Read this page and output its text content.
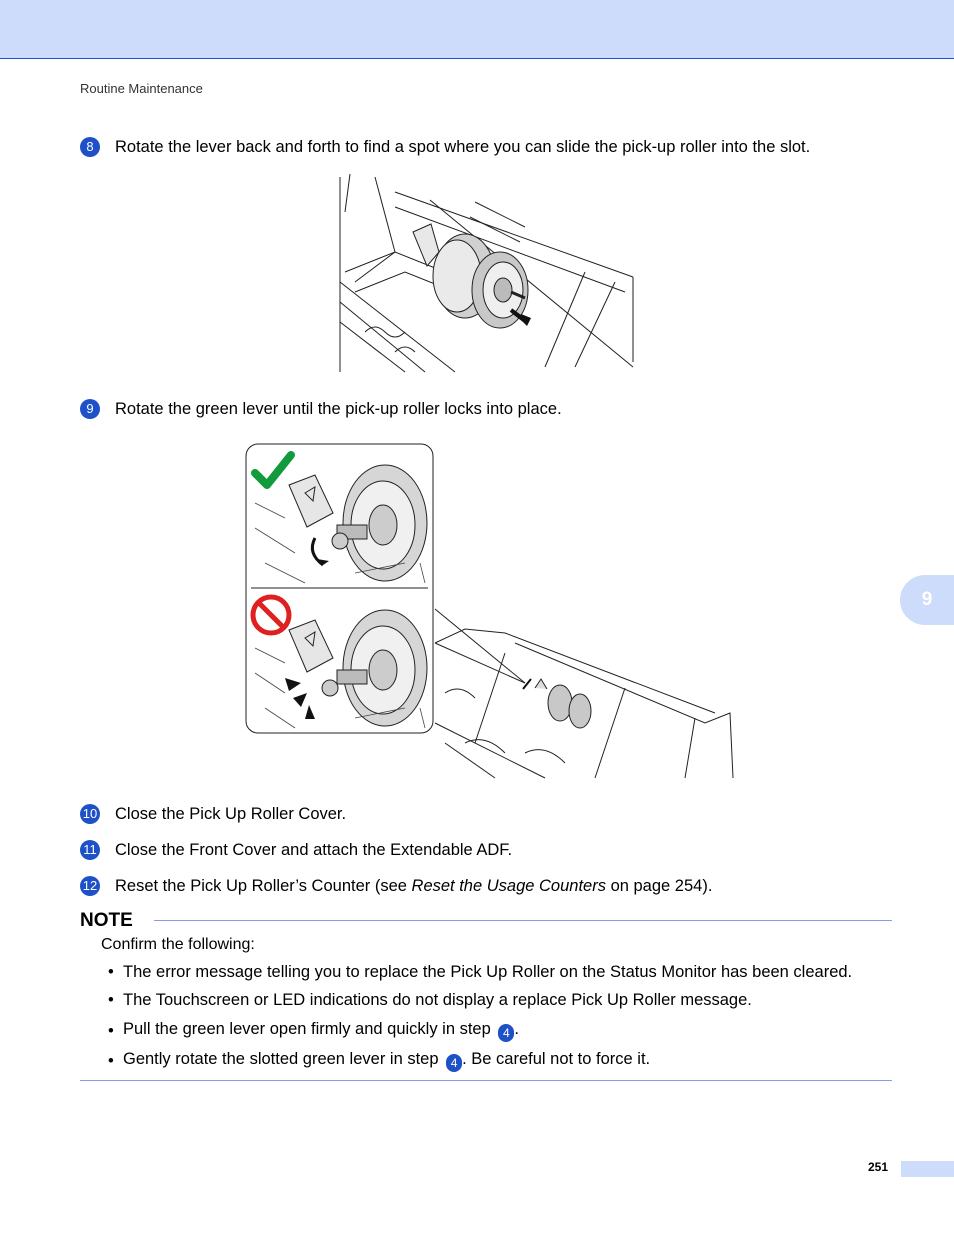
Routine Maintenance
8	Rotate the lever back and forth to find a spot where you can slide the pick-up roller into the slot.
9	Rotate the green lever until the pick-up roller locks into place.
10 Close the Pick Up Roller Cover.
11 Close the Front Cover and attach the Extendable ADF.
12 Reset the Pick Up Roller’s Counter (see Reset the Usage Counters on page 254).
NOTE
Confirm the following:
• The error message telling you to replace the Pick Up Roller on the Status Monitor has been cleared.
• The Touchscreen or LED indications do not display a replace Pick Up Roller message.
• Pull the green lever open firmly and quickly in step 4 .
• Gently rotate the slotted green lever in step 4 . Be careful not to force it.
9
251
